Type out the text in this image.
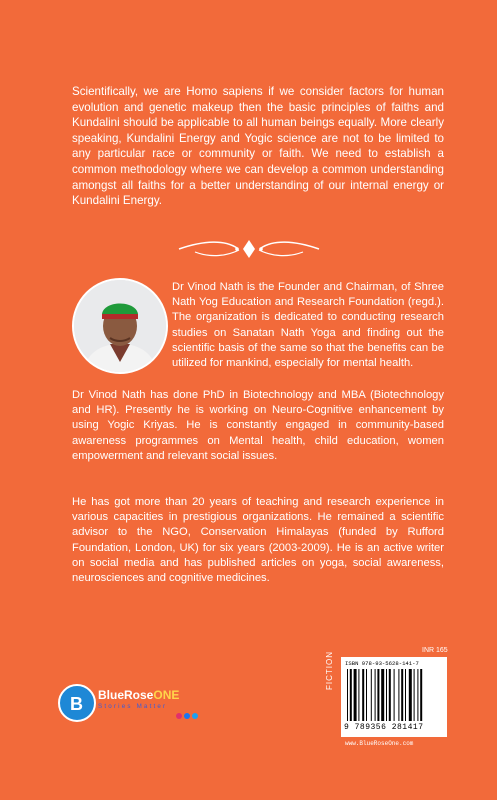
Scientifically, we are Homo sapiens if we consider factors for human evolution and genetic makeup then the basic principles of faiths and Kundalini should be applicable to all human beings equally. More clearly speaking, Kundalini Energy and Yogic science are not to be limited to any particular race or community or faith. We need to establish a common methodology where we can develop a common understanding amongst all faiths for a better understanding of our internal energy or Kundalini Energy.

Dr Vinod Nath is the Founder and Chairman, of Shree Nath Yog Education and Research Foundation (regd.). The organization is dedicated to conducting research studies on Sanatan Nath Yoga and finding out the scientific basis of the same so that the benefits can be utilized for mankind, especially for mental health.

Dr Vinod Nath has done PhD in Biotechnology and MBA (Biotechnology and HR). Presently he is working on Neuro-Cognitive enhancement by using Yogic Kriyas. He is constantly engaged in community-based awareness programmes on Mental health, child education, women empowerment and relevant social issues.

He has got more than 20 years of teaching and research experience in various capacities in prestigious organizations. He remained a scientific advisor to the NGO, Conservation Himalayas (funded by Rufford Foundation, London, UK) for six years (2003-2009). He is an active writer on social media and has published articles on yoga, social awareness, neurosciences and cognitive medicines.

B BlueRoseONE
Stories Matter
INR 165
FICTION ISBN 978-93-5628-141-7
9 789356 281417
www.BlueRoseOne.com
